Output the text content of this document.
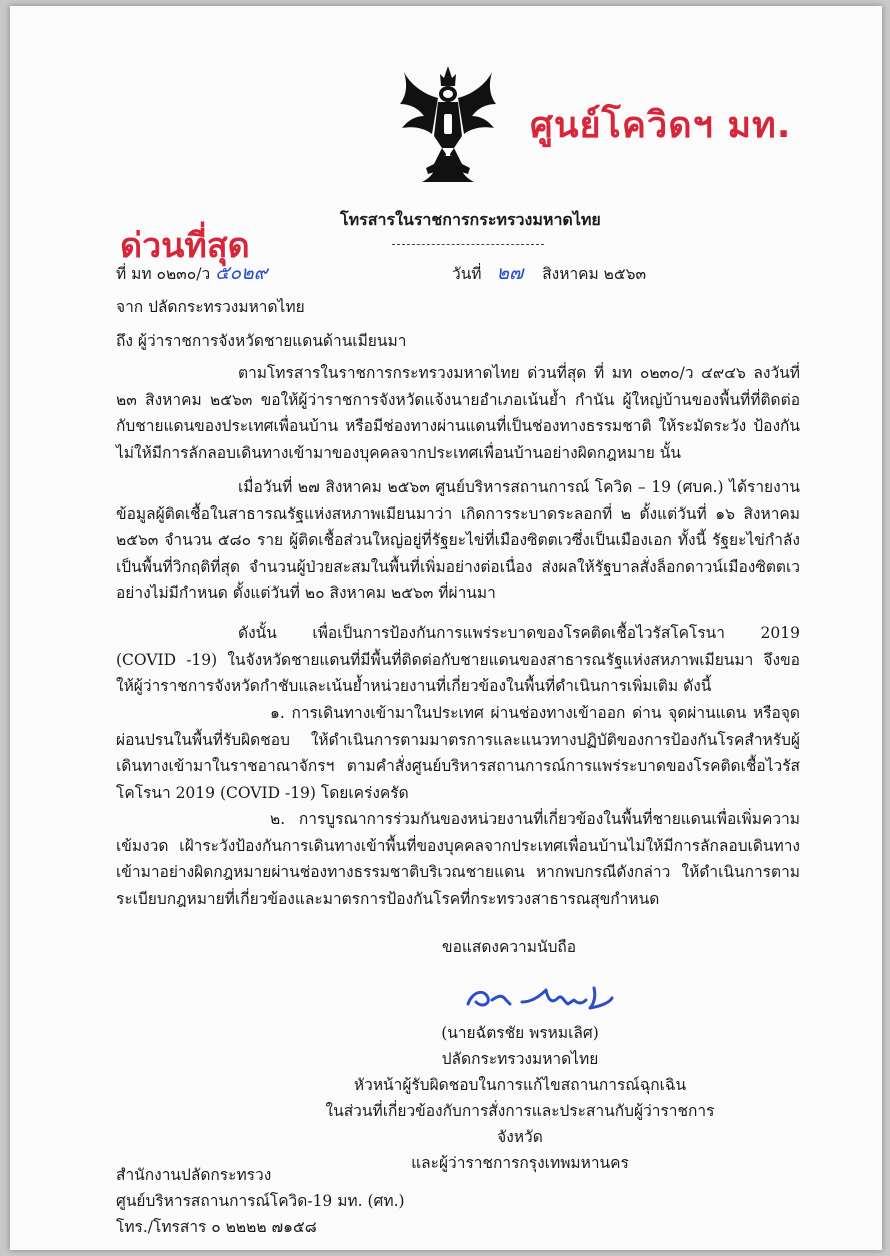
ศูนย์โควิดฯ มท.
ด่วนที่สุด
โทรสารในราชการกระทรวงมหาดไทย
ที่ มท ๐๒๓๐/ว ๕๐๒๙	วันที่ ๒๗ สิงหาคม ๒๕๖๓
จาก ปลัดกระทรวงมหาดไทย
ถึง ผู้ว่าราชการจังหวัดชายแดนด้านเมียนมา

ตามโทรสารในราชการกระทรวงมหาดไทย ด่วนที่สุด ที่ มท ๐๒๓๐/ว ๔๙๔๖ ลงวันที่ ๒๓ สิงหาคม ๒๕๖๓ ขอให้ผู้ว่าราชการจังหวัดแจ้งนายอำเภอเน้นย้ำ กำนัน ผู้ใหญ่บ้านของพื้นที่ที่ติดต่อกับชายแดนของประเทศเพื่อนบ้าน หรือมีช่องทางผ่านแดนที่เป็นช่องทางธรรมชาติ ให้ระมัดระวัง ป้องกันไม่ให้มีการลักลอบเดินทางเข้ามาของบุคคลจากประเทศเพื่อนบ้านอย่างผิดกฎหมาย นั้น

เมื่อวันที่ ๒๗ สิงหาคม ๒๕๖๓ ศูนย์บริหารสถานการณ์ โควิด – 19 (ศบค.) ได้รายงานข้อมูลผู้ติดเชื้อในสาธารณรัฐแห่งสหภาพเมียนมาว่า เกิดการระบาดระลอกที่ ๒ ตั้งแต่วันที่ ๑๖ สิงหาคม ๒๕๖๓ จำนวน ๕๘๐ ราย ผู้ติดเชื้อส่วนใหญ่อยู่ที่รัฐยะไข่ที่เมืองซิตตเวซึ่งเป็นเมืองเอก ทั้งนี้ รัฐยะไข่กำลังเป็นพื้นที่วิกฤติที่สุด จำนวนผู้ป่วยสะสมในพื้นที่เพิ่มอย่างต่อเนื่อง ส่งผลให้รัฐบาลสั่งล็อกดาวน์เมืองซิตตเวอย่างไม่มีกำหนด ตั้งแต่วันที่ ๒๐ สิงหาคม ๒๕๖๓ ที่ผ่านมา

ดังนั้น เพื่อเป็นการป้องกันการแพร่ระบาดของโรคติดเชื้อไวรัสโคโรนา 2019 (COVID -19) ในจังหวัดชายแดนที่มีพื้นที่ติดต่อกับชายแดนของสาธารณรัฐแห่งสหภาพเมียนมา จึงขอให้ผู้ว่าราชการจังหวัดกำชับและเน้นย้ำหน่วยงานที่เกี่ยวข้องในพื้นที่ดำเนินการเพิ่มเติม ดังนี้

๑. การเดินทางเข้ามาในประเทศ ผ่านช่องทางเข้าออก ด่าน จุดผ่านแดน หรือจุดผ่อนปรนในพื้นที่รับผิดชอบ ให้ดำเนินการตามมาตรการและแนวทางปฏิบัติของการป้องกันโรคสำหรับผู้เดินทางเข้ามาในราชอาณาจักรฯ ตามคำสั่งศูนย์บริหารสถานการณ์การแพร่ระบาดของโรคติดเชื้อไวรัสโคโรนา 2019 (COVID -19) โดยเคร่งครัด

๒. การบูรณาการร่วมกันของหน่วยงานที่เกี่ยวข้องในพื้นที่ชายแดนเพื่อเพิ่มความเข้มงวด เฝ้าระวังป้องกันการเดินทางเข้าพื้นที่ของบุคคลจากประเทศเพื่อนบ้านไม่ให้มีการลักลอบเดินทางเข้ามาอย่างผิดกฎหมายผ่านช่องทางธรรมชาติบริเวณชายแดน หากพบกรณีดังกล่าว ให้ดำเนินการตามระเบียบกฎหมายที่เกี่ยวข้องและมาตรการป้องกันโรคที่กระทรวงสาธารณสุขกำหนด

ขอแสดงความนับถือ
(นายฉัตรชัย พรหมเลิศ)
ปลัดกระทรวงมหาดไทย
หัวหน้าผู้รับผิดชอบในการแก้ไขสถานการณ์ฉุกเฉิน
ในส่วนที่เกี่ยวข้องกับการสั่งการและประสานกับผู้ว่าราชการจังหวัด
และผู้ว่าราชการกรุงเทพมหานคร
สำนักงานปลัดกระทรวง
ศูนย์บริหารสถานการณ์โควิด-19 มท. (ศท.)
โทร./โทรสาร ๐ ๒๒๒๒ ๗๑๕๘
